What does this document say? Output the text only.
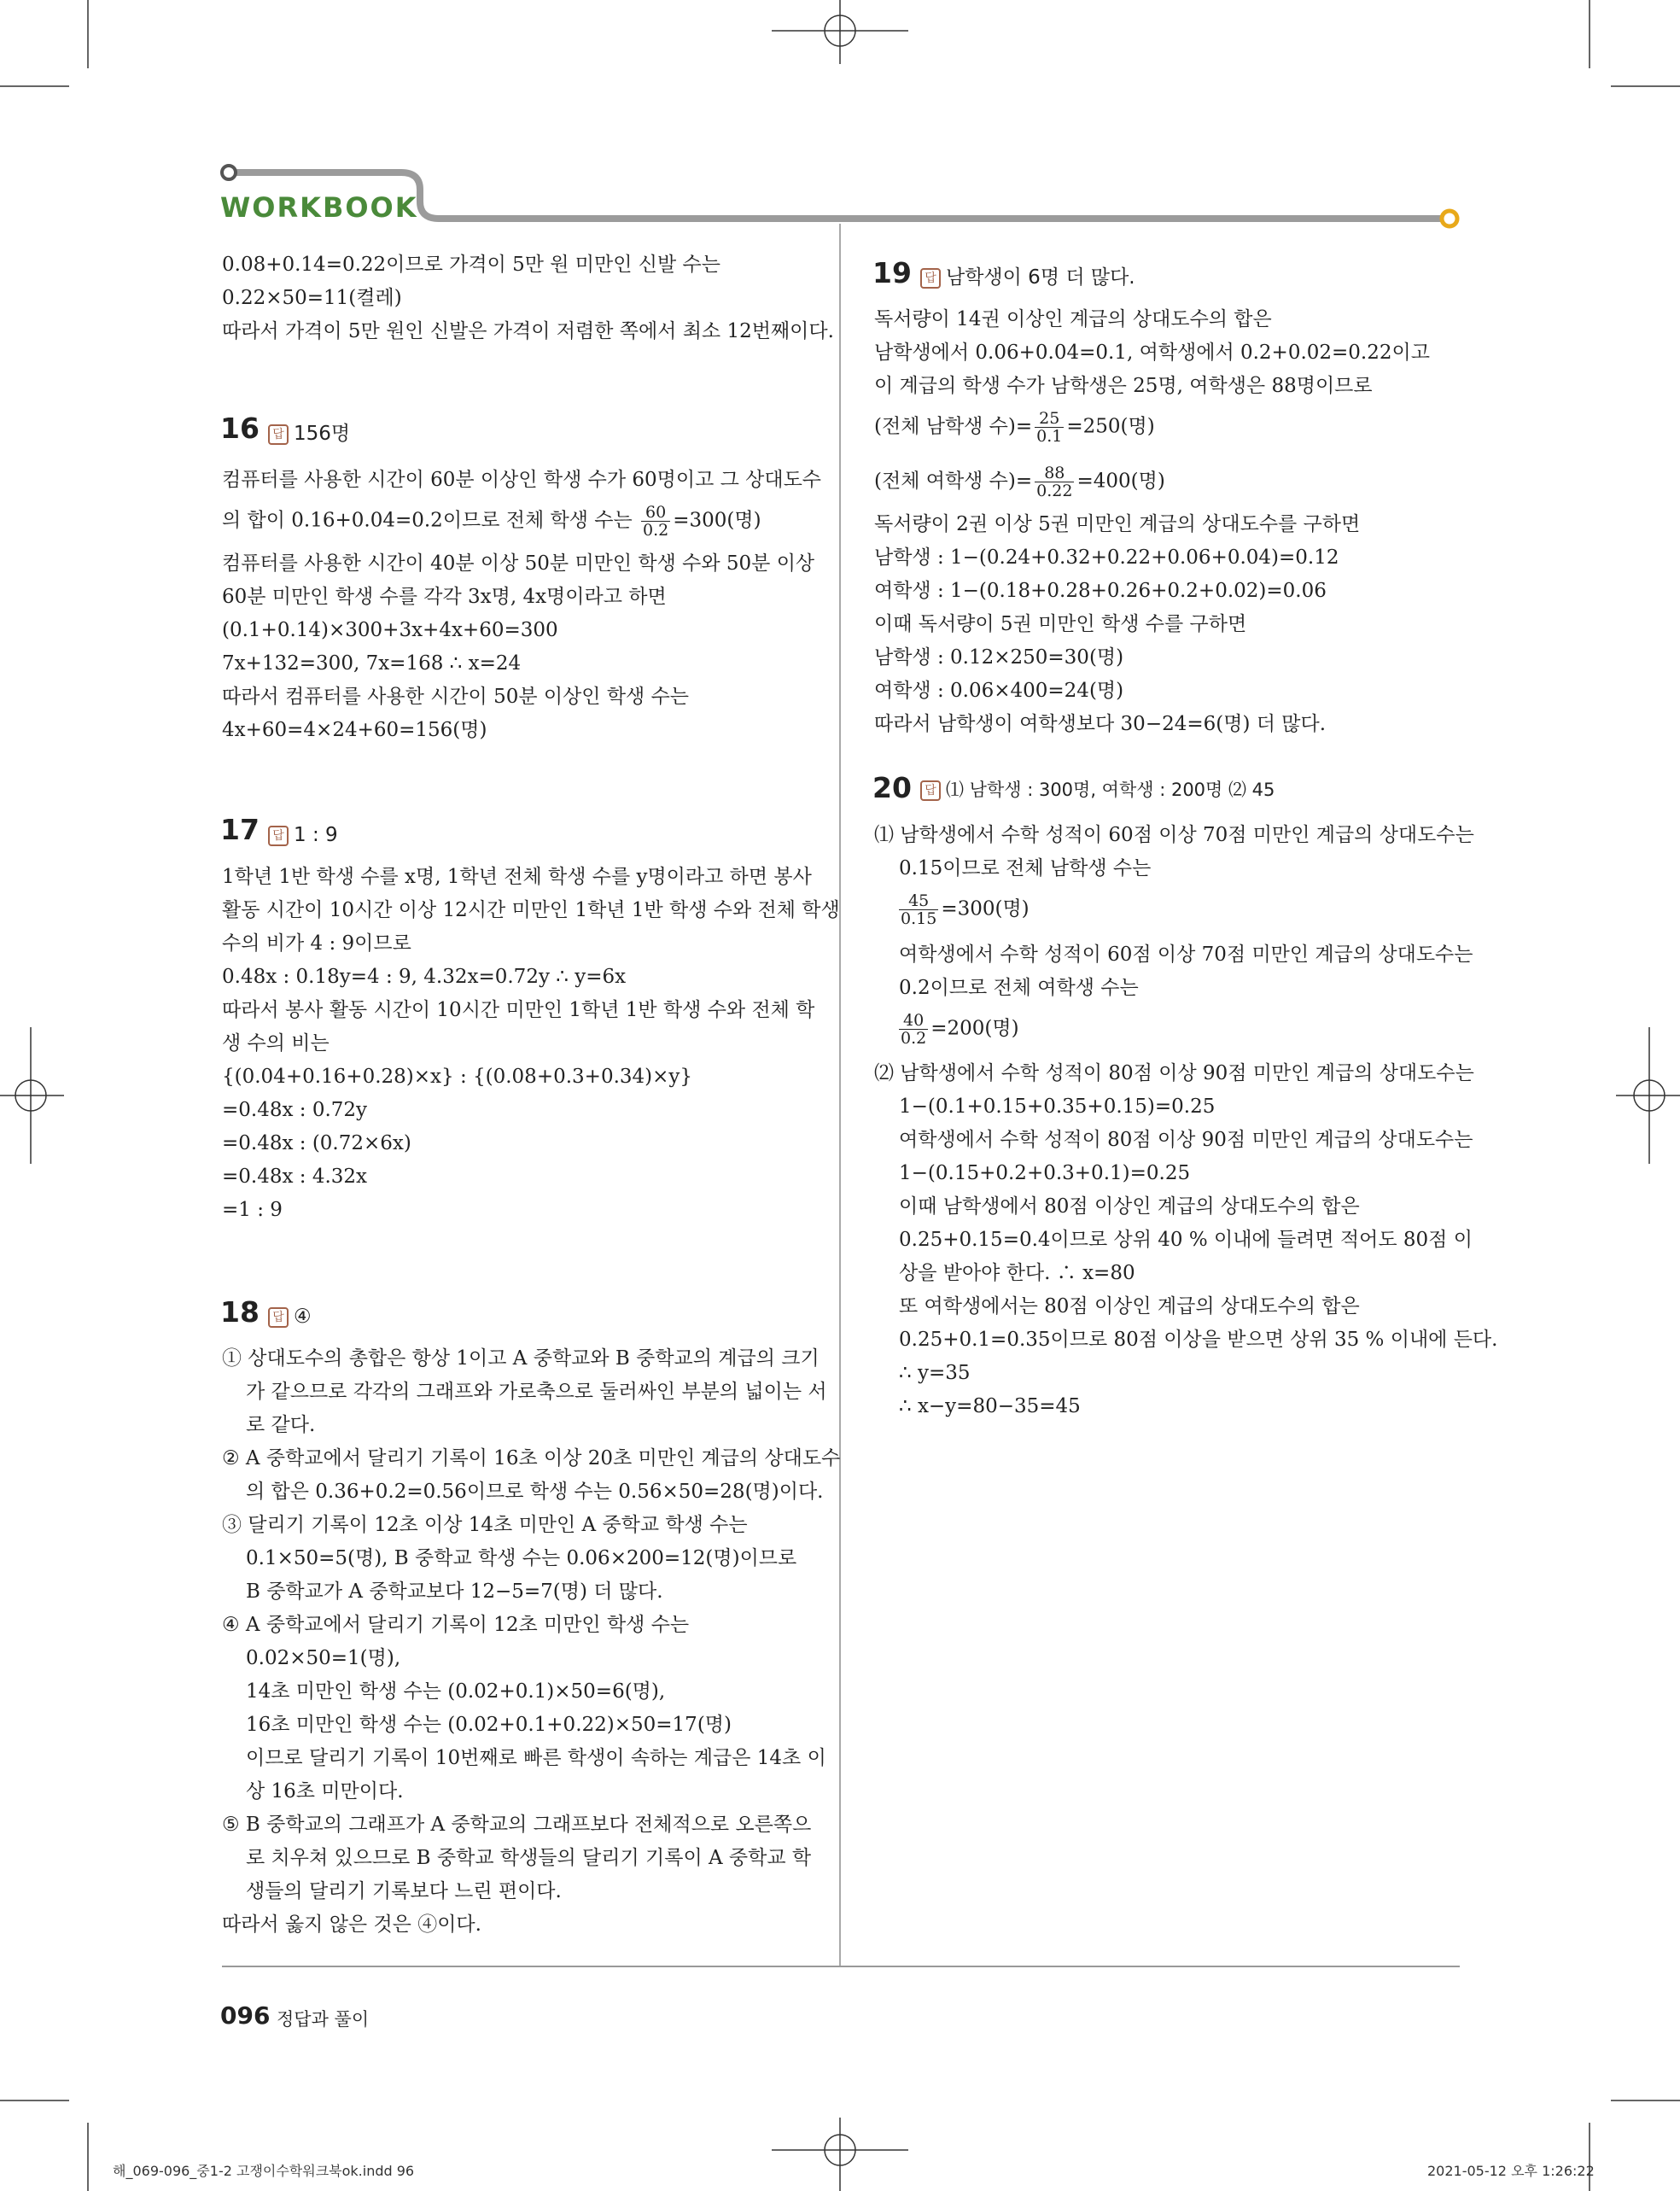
WORKBOOK
0.08+0.14=0.22이므로 가격이 5만 원 미만인 신발 수는
0.22×50=11(켤레)
따라서 가격이 5만 원인 신발은 가격이 저렴한 쪽에서 최소 12번째이다.
16	답 156명
컴퓨터를 사용한 시간이 60분 이상인 학생 수가 60명이고 그 상대도수
의 합이 0.16+0.04=0.2이므로 전체 학생 수는 $\frac{60}{0.2} =300$(명)
컴퓨터를 사용한 시간이 40분 이상 50분 미만인 학생 수와 50분 이상
60분 미만인 학생 수를 각각 3x명, 4x명이라고 하면
(0.1+0.14)×300+3x+4x+60=300
7x+132=300, 7x=168 ∴ x=24
따라서 컴퓨터를 사용한 시간이 50분 이상인 학생 수는
4x+60=4×24+60=156(명)
17	답 1 : 9
1학년 1반 학생 수를 x명, 1학년 전체 학생 수를 y명이라고 하면 봉사
활동 시간이 10시간 이상 12시간 미만인 1학년 1반 학생 수와 전체 학생
수의 비가 4 : 9이므로
0.48x : 0.18y=4 : 9, 4.32x=0.72y ∴ y=6x
따라서 봉사 활동 시간이 10시간 미만인 1학년 1반 학생 수와 전체 학
생 수의 비는
{(0.04+0.16+0.28)×x} : {(0.08+0.3+0.34)×y}
=0.48x : 0.72y
=0.48x : (0.72×6x)
=0.48x : 4.32x
=1 : 9
18	답 ④
① 상대도수의 총합은 항상 1이고 A 중학교와 B 중학교의 계급의 크기
가 같으므로 각각의 그래프와 가로축으로 둘러싸인 부분의 넓이는 서
로 같다.
② A 중학교에서 달리기 기록이 16초 이상 20초 미만인 계급의 상대도수
의 합은 0.36+0.2=0.56이므로 학생 수는 0.56×50=28(명)이다.
③ 달리기 기록이 12초 이상 14초 미만인 A 중학교 학생 수는
0.1×50=5(명), B 중학교 학생 수는 0.06×200=12(명)이므로
B 중학교가 A 중학교보다 12−5=7(명) 더 많다.
④ A 중학교에서 달리기 기록이 12초 미만인 학생 수는
0.02×50=1(명),
14초 미만인 학생 수는 (0.02+0.1)×50=6(명),
16초 미만인 학생 수는 (0.02+0.1+0.22)×50=17(명)
이므로 달리기 기록이 10번째로 빠른 학생이 속하는 계급은 14초 이
상 16초 미만이다.
⑤ B 중학교의 그래프가 A 중학교의 그래프보다 전체적으로 오른쪽으
로 치우쳐 있으므로 B 중학교 학생들의 달리기 기록이 A 중학교 학
생들의 달리기 기록보다 느린 편이다.
따라서 옳지 않은 것은 ④이다.
19	답 남학생이 6명 더 많다.
독서량이 14권 이상인 계급의 상대도수의 합은
남학생에서 0.06+0.04=0.1, 여학생에서 0.2+0.02=0.22이고
이 계급의 학생 수가 남학생은 25명, 여학생은 88명이므로
(전체 남학생 수)= $\frac{25}{0.1} =250$(명)
(전체 여학생 수)= $\frac{88}{0.22} =400$(명)
독서량이 2권 이상 5권 미만인 계급의 상대도수를 구하면
남학생 : 1−(0.24+0.32+0.22+0.06+0.04)=0.12
여학생 : 1−(0.18+0.28+0.26+0.2+0.02)=0.06
이때 독서량이 5권 미만인 학생 수를 구하면
남학생 : 0.12×250=30(명)
여학생 : 0.06×400=24(명)
따라서 남학생이 여학생보다 30−24=6(명) 더 많다.
20	답 ⑴ 남학생 : 300명, 여학생 : 200명 ⑵ 45
⑴ 남학생에서 수학 성적이 60점 이상 70점 미만인 계급의 상대도수는
0.15이므로 전체 남학생 수는
$\frac{45}{0.15} =300$(명)
여학생에서 수학 성적이 60점 이상 70점 미만인 계급의 상대도수는
0.2이므로 전체 여학생 수는
$\frac{40}{0.2} =200$(명)
⑵ 남학생에서 수학 성적이 80점 이상 90점 미만인 계급의 상대도수는
1−(0.1+0.15+0.35+0.15)=0.25
여학생에서 수학 성적이 80점 이상 90점 미만인 계급의 상대도수는
1−(0.15+0.2+0.3+0.1)=0.25
이때 남학생에서 80점 이상인 계급의 상대도수의 합은
0.25+0.15=0.4이므로 상위 40 % 이내에 들려면 적어도 80점 이
상을 받아야 한다. ∴ x=80
또 여학생에서는 80점 이상인 계급의 상대도수의 합은
0.25+0.1=0.35이므로 80점 이상을 받으면 상위 35 % 이내에 든다.
∴ y=35
∴ x−y=80−35=45
096 정답과 풀이
해_069-096_중1-2 고쟁이수학워크북ok.indd 96	2021-05-12 오후 1:26:22
